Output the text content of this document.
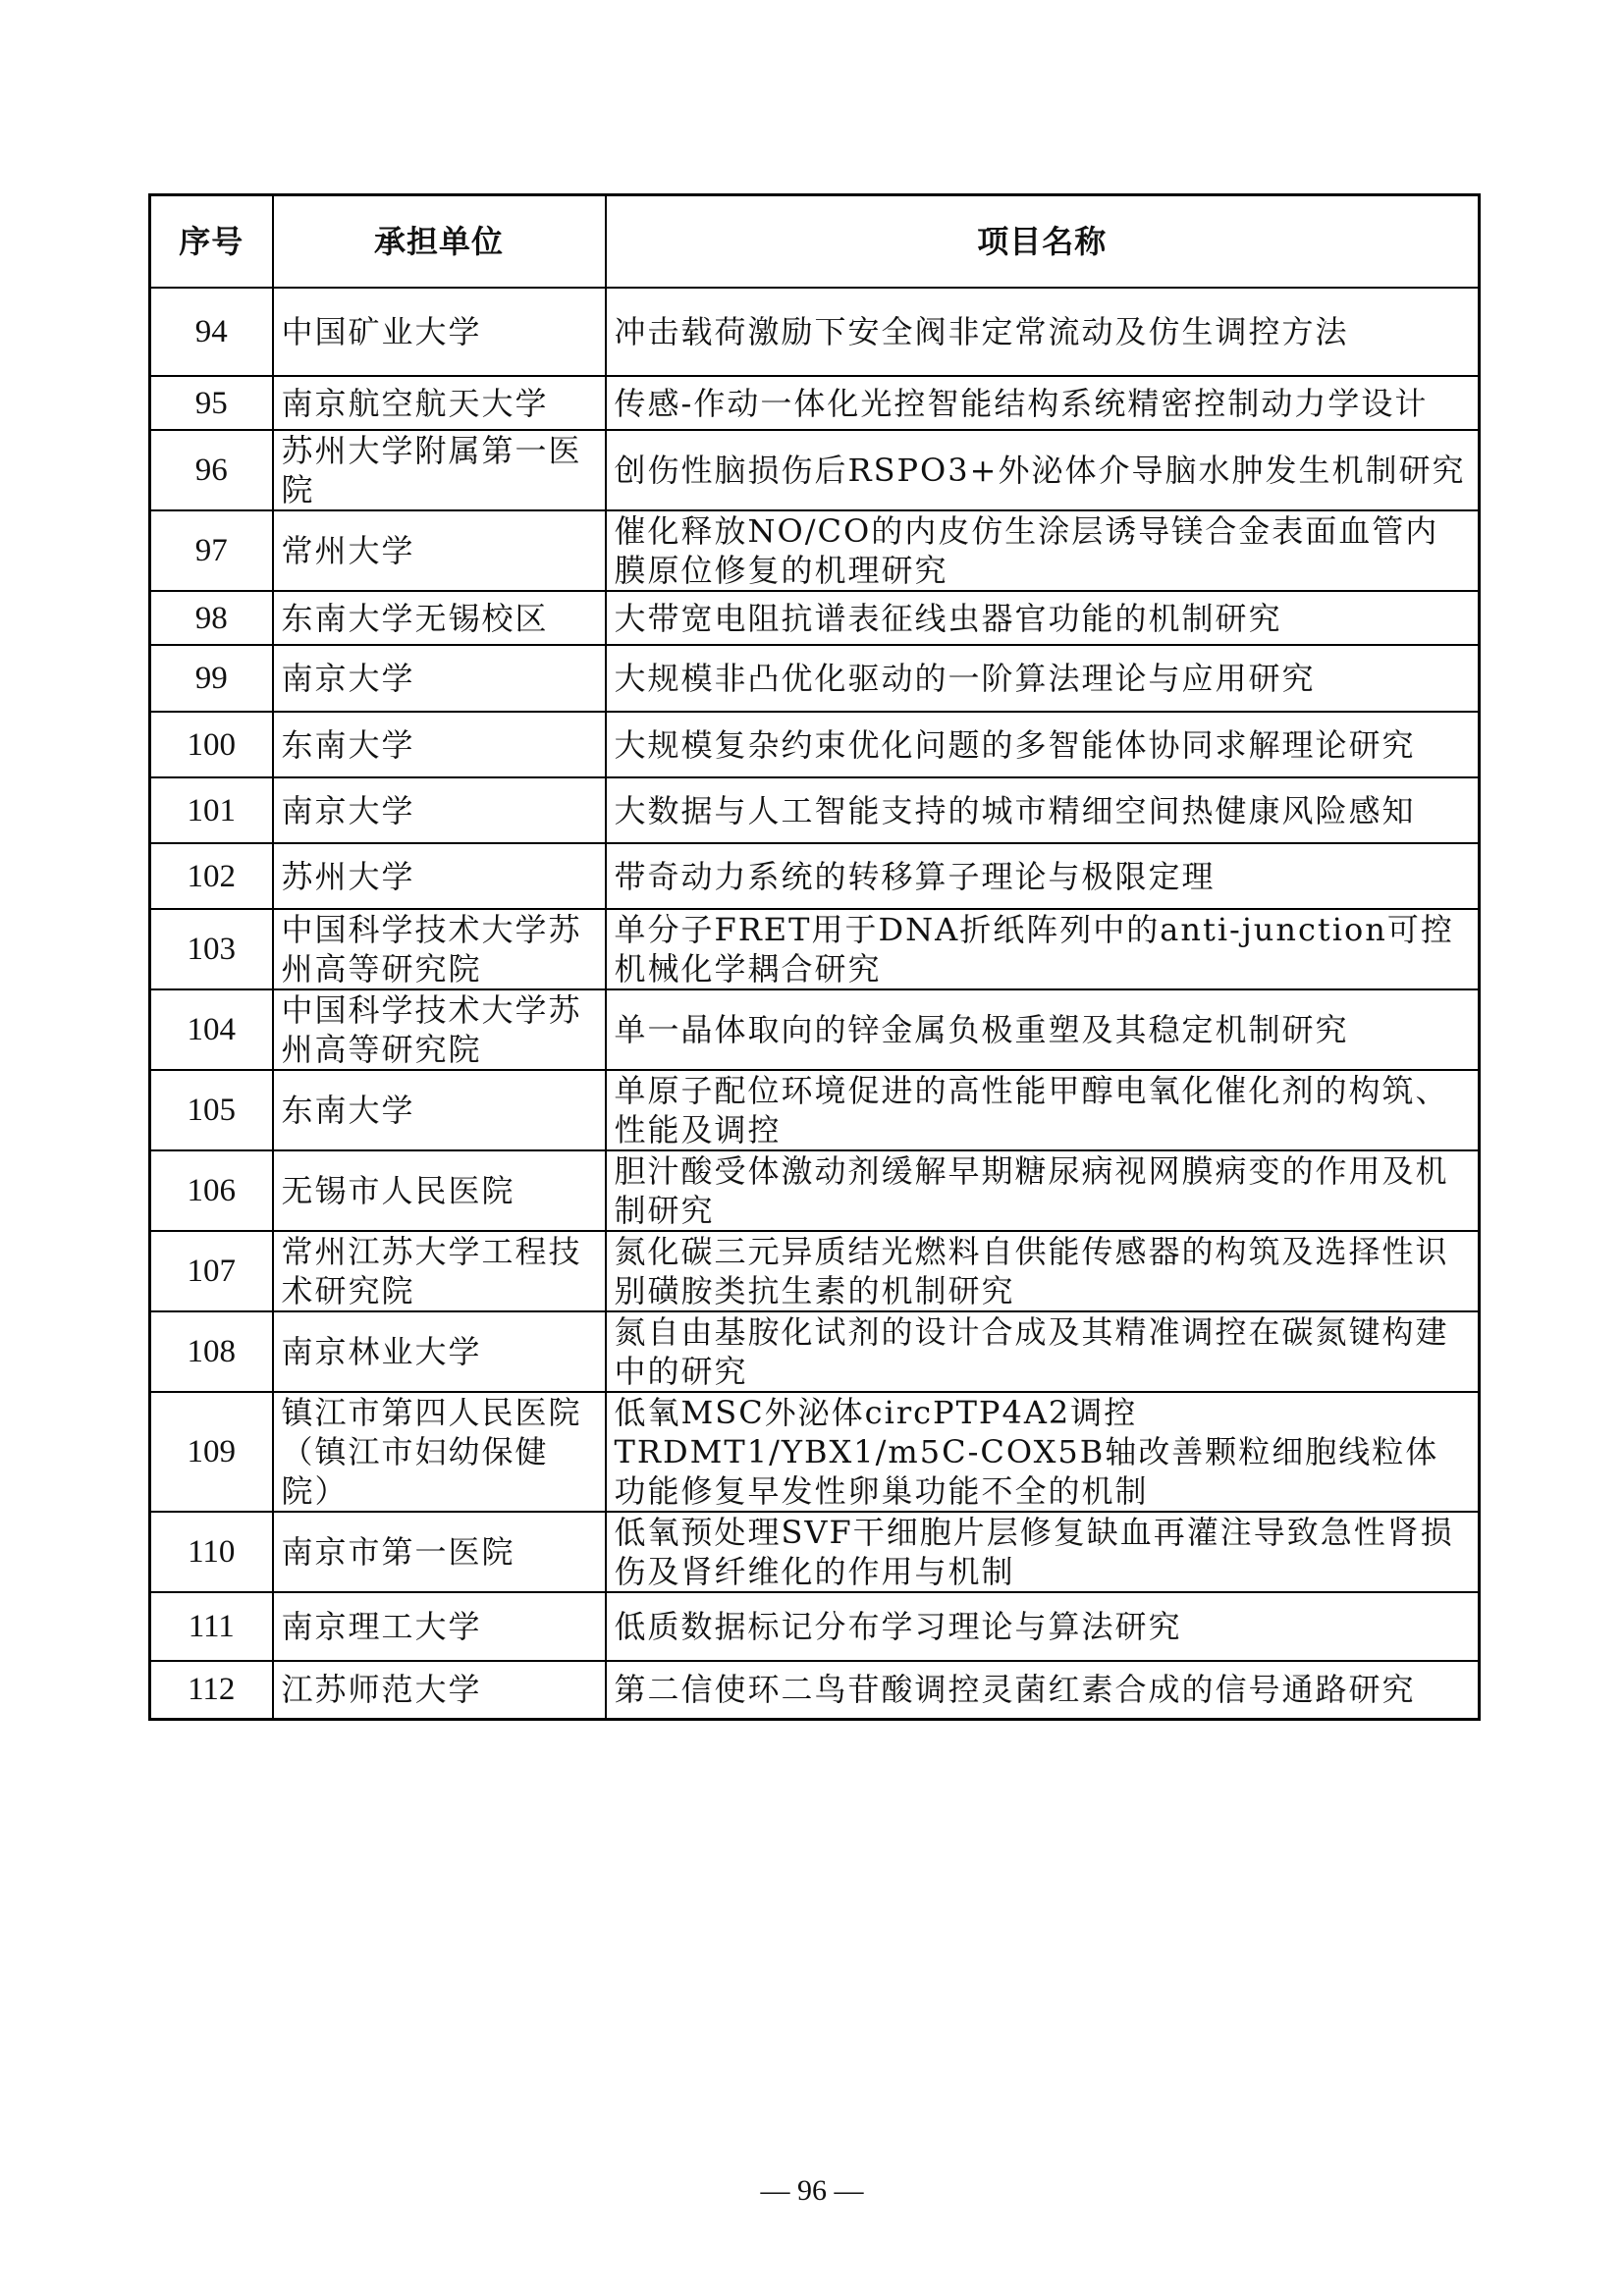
序号	承担单位	项目名称
94	中国矿业大学	冲击载荷激励下安全阀非定常流动及仿生调控方法
95	南京航空航天大学	传感-作动一体化光控智能结构系统精密控制动力学设计
96	苏州大学附属第一医院	创伤性脑损伤后RSPO3+外泌体介导脑水肿发生机制研究
97	常州大学	催化释放NO/CO的内皮仿生涂层诱导镁合金表面血管内膜原位修复的机理研究
98	东南大学无锡校区	大带宽电阻抗谱表征线虫器官功能的机制研究
99	南京大学	大规模非凸优化驱动的一阶算法理论与应用研究
100	东南大学	大规模复杂约束优化问题的多智能体协同求解理论研究
101	南京大学	大数据与人工智能支持的城市精细空间热健康风险感知
102	苏州大学	带奇动力系统的转移算子理论与极限定理
103	中国科学技术大学苏州高等研究院	单分子FRET用于DNA折纸阵列中的anti-junction可控机械化学耦合研究
104	中国科学技术大学苏州高等研究院	单一晶体取向的锌金属负极重塑及其稳定机制研究
105	东南大学	单原子配位环境促进的高性能甲醇电氧化催化剂的构筑、性能及调控
106	无锡市人民医院	胆汁酸受体激动剂缓解早期糖尿病视网膜病变的作用及机制研究
107	常州江苏大学工程技术研究院	氮化碳三元异质结光燃料自供能传感器的构筑及选择性识别磺胺类抗生素的机制研究
108	南京林业大学	氮自由基胺化试剂的设计合成及其精准调控在碳氮键构建中的研究
109	镇江市第四人民医院（镇江市妇幼保健院）	低氧MSC外泌体circPTP4A2调控TRDMT1/YBX1/m5C-COX5B轴改善颗粒细胞线粒体功能修复早发性卵巢功能不全的机制
110	南京市第一医院	低氧预处理SVF干细胞片层修复缺血再灌注导致急性肾损伤及肾纤维化的作用与机制
111	南京理工大学	低质数据标记分布学习理论与算法研究
112	江苏师范大学	第二信使环二鸟苷酸调控灵菌红素合成的信号通路研究
— 96 —
